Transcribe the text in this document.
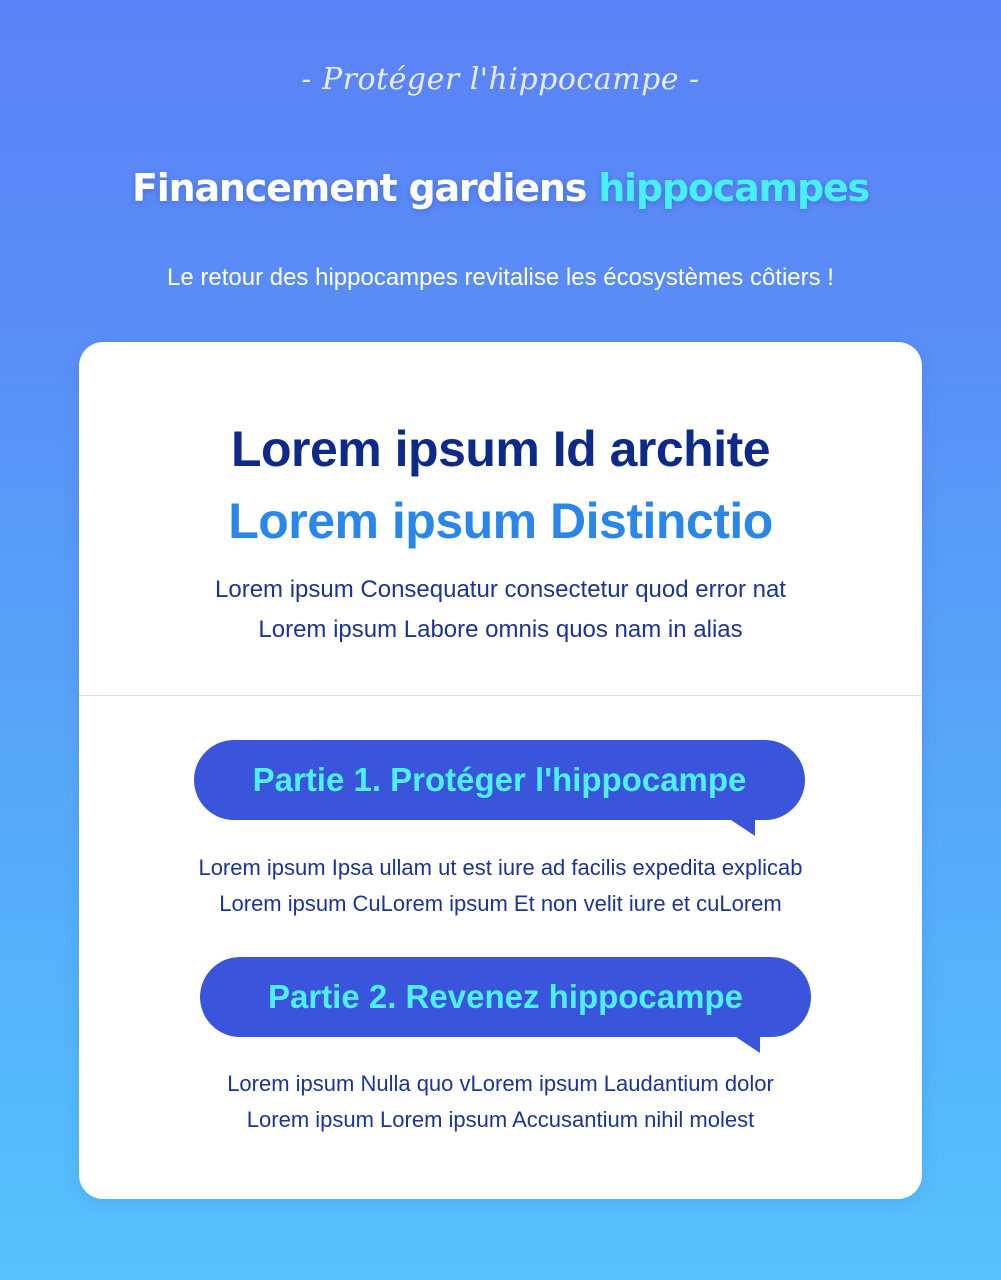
- Protéger l'hippocampe -
Financement gardiens hippocampes
Le retour des hippocampes revitalise les écosystèmes côtiers !
Lorem ipsum Id archite
Lorem ipsum Distinctio
Lorem ipsum Consequatur consectetur quod error nat
Lorem ipsum Labore omnis quos nam in alias
Partie 1. Protéger l'hippocampe
Lorem ipsum Ipsa ullam ut est iure ad facilis expedita explicab
Lorem ipsum CuLorem ipsum Et non velit iure et cuLorem
Partie 2. Revenez hippocampe
Lorem ipsum Nulla quo vLorem ipsum Laudantium dolor
Lorem ipsum Lorem ipsum Accusantium nihil molest
